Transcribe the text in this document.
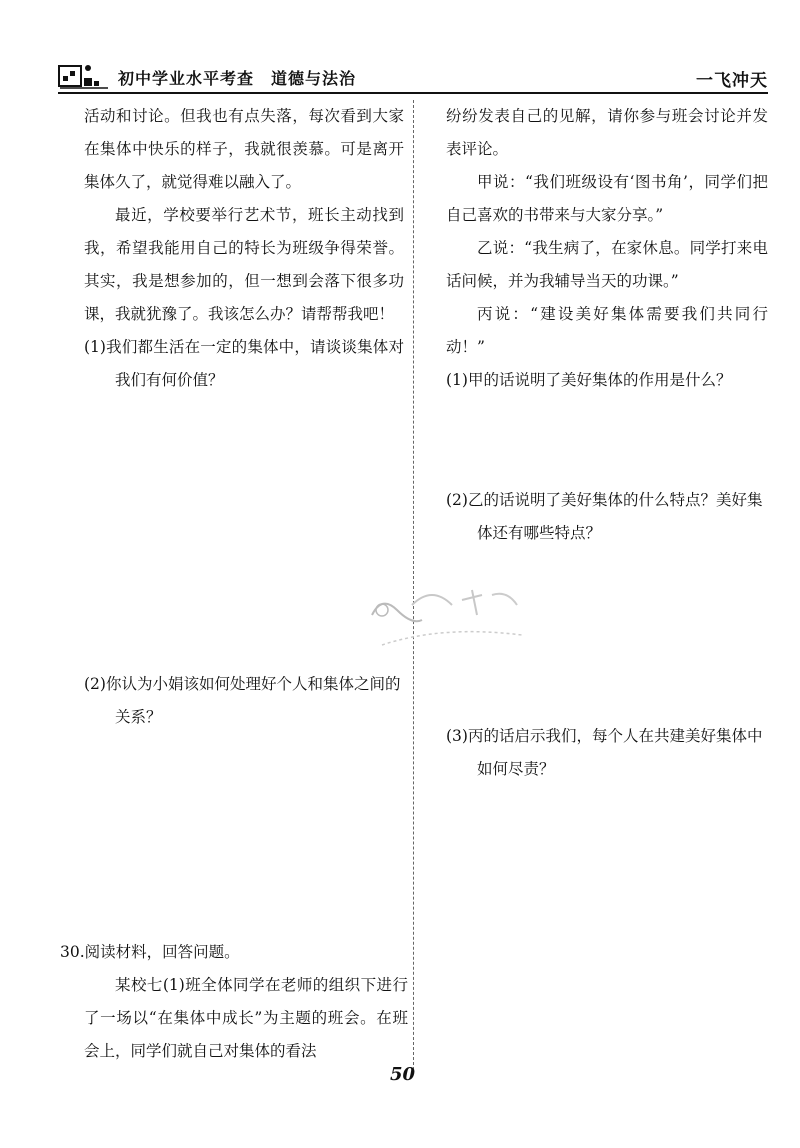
初中学业水平考查　道德与法治	一飞冲天

活动和讨论。但我也有点失落，每次看到大家在集体中快乐的样子，我就很羡慕。可是离开集体久了，就觉得难以融入了。

最近，学校要举行艺术节，班长主动找到我，希望我能用自己的特长为班级争得荣誉。其实，我是想参加的，但一想到会落下很多功课，我就犹豫了。我该怎么办？请帮帮我吧！

(1)我们都生活在一定的集体中，请谈谈集体对我们有何价值？

(2)你认为小娟该如何处理好个人和集体之间的关系？

30.阅读材料，回答问题。

某校七(1)班全体同学在老师的组织下进行了一场以“在集体中成长”为主题的班会。在班会上，同学们就自己对集体的看法

纷纷发表自己的见解，请你参与班会讨论并发表评论。

甲说：“我们班级设有‘图书角’，同学们把自己喜欢的书带来与大家分享。”

乙说：“我生病了，在家休息。同学打来电话问候，并为我辅导当天的功课。”

丙说：“建设美好集体需要我们共同行动！”

(1)甲的话说明了美好集体的作用是什么？

(2)乙的话说明了美好集体的什么特点？美好集体还有哪些特点？
(3)丙的话启示我们，每个人在共建美好集体中如何尽责？
50
